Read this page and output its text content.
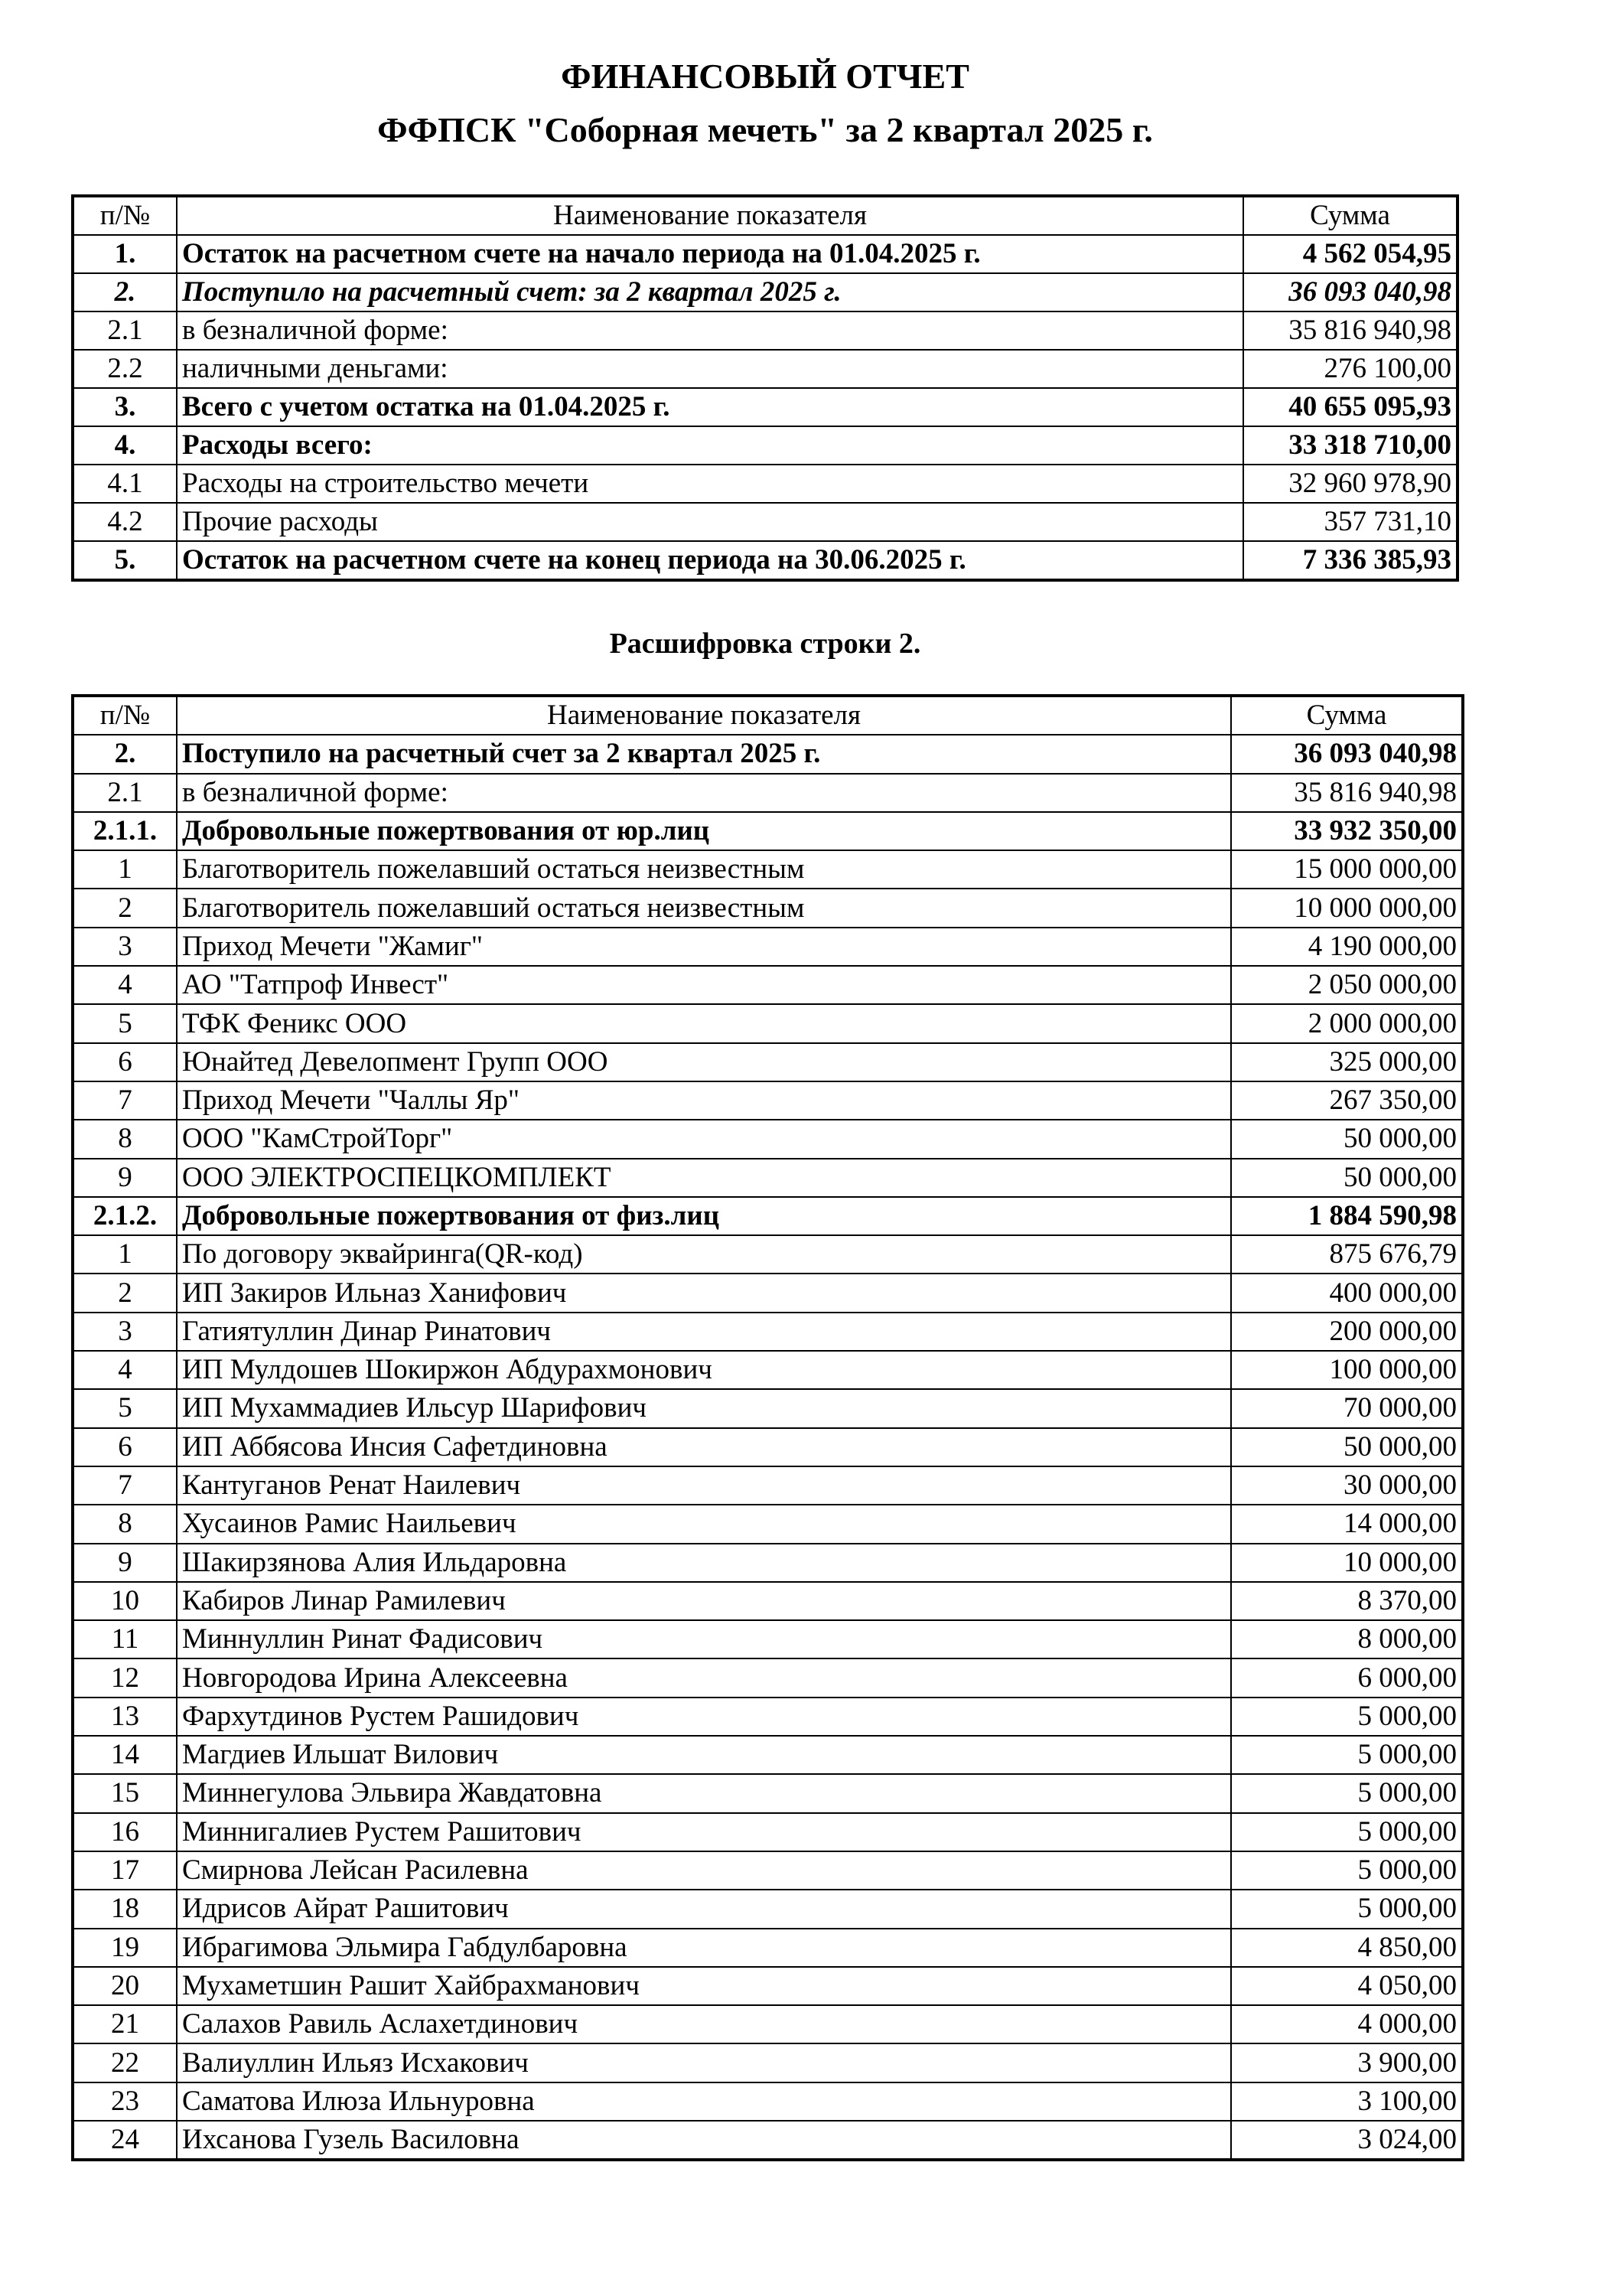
ФИНАНСОВЫЙ ОТЧЕТ
ФФПСК "Соборная мечеть" за 2 квартал 2025 г.
п/№	Наименование показателя	Сумма
1.	Остаток на расчетном счете на начало периода на 01.04.2025 г.	4 562 054,95
2.	Поступило на расчетный счет: за 2 квартал 2025 г.	36 093 040,98
2.1	в безналичной форме:	35 816 940,98
2.2	наличными деньгами:	276 100,00
3.	Всего с учетом остатка на 01.04.2025 г.	40 655 095,93
4.	Расходы всего:	33 318 710,00
4.1	Расходы на строительство мечети	32 960 978,90
4.2	Прочие расходы	357 731,10
5.	Остаток на расчетном счете на конец периода на 30.06.2025 г.	7 336 385,93
Расшифровка строки 2.
п/№	Наименование показателя	Сумма
2.	Поступило на расчетный счет за 2 квартал 2025 г.	36 093 040,98
2.1	в безналичной форме:	35 816 940,98
2.1.1.	Добровольные пожертвования от юр.лиц	33 932 350,00
1	Благотворитель пожелавший остаться неизвестным	15 000 000,00
2	Благотворитель пожелавший остаться неизвестным	10 000 000,00
3	Приход Мечети "Жамиг"	4 190 000,00
4	АО "Татпроф Инвест"	2 050 000,00
5	ТФК Феникс ООО	2 000 000,00
6	Юнайтед Девелопмент Групп ООО	325 000,00
7	Приход Мечети "Чаллы Яр"	267 350,00
8	ООО "КамСтройТорг"	50 000,00
9	ООО ЭЛЕКТРОСПЕЦКОМПЛЕКТ	50 000,00
2.1.2.	Добровольные пожертвования от физ.лиц	1 884 590,98
1	По договору эквайринга(QR-код)	875 676,79
2	ИП Закиров Ильназ Ханифович	400 000,00
3	Гатиятуллин Динар Ринатович	200 000,00
4	ИП Мулдошев Шокиржон Абдурахмонович	100 000,00
5	ИП Мухаммадиев Ильсур Шарифович	70 000,00
6	ИП Аббясова Инсия Сафетдиновна	50 000,00
7	Кантуганов Ренат Наилевич	30 000,00
8	Хусаинов Рамис Наильевич	14 000,00
9	Шакирзянова Алия Ильдаровна	10 000,00
10	Кабиров Линар Рамилевич	8 370,00
11	Миннуллин Ринат Фадисович	8 000,00
12	Новгородова Ирина Алексеевна	6 000,00
13	Фархутдинов Рустем Рашидович	5 000,00
14	Магдиев Ильшат Вилович	5 000,00
15	Миннегулова Эльвира Жавдатовна	5 000,00
16	Миннигалиев Рустем Рашитович	5 000,00
17	Смирнова Лейсан Расилевна	5 000,00
18	Идрисов Айрат Рашитович	5 000,00
19	Ибрагимова Эльмира Габдулбаровна	4 850,00
20	Мухаметшин Рашит Хайбрахманович	4 050,00
21	Салахов Равиль Аслахетдинович	4 000,00
22	Валиуллин Ильяз Исхакович	3 900,00
23	Саматова Илюза Ильнуровна	3 100,00
24	Ихсанова Гузель Василовна	3 024,00
